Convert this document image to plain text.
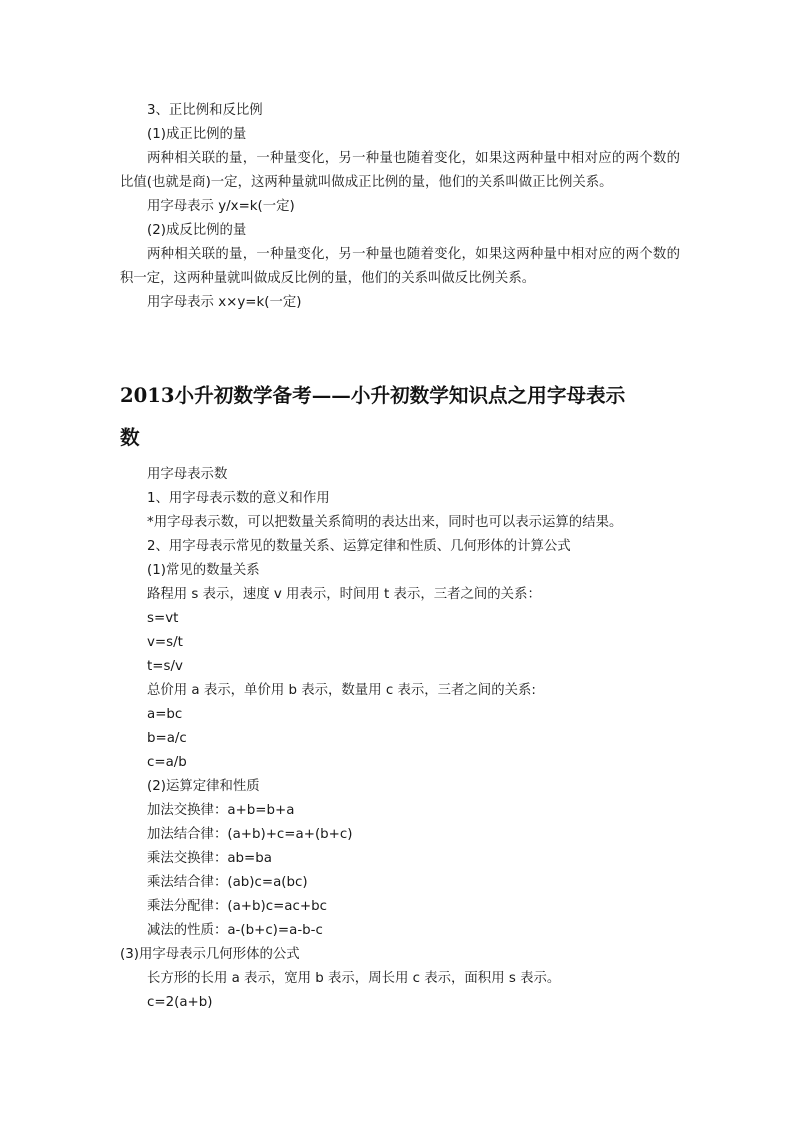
3、正比例和反比例

(1)成正比例的量

两种相关联的量，一种量变化，另一种量也随着变化，如果这两种量中相对应的两个数的比值(也就是商)一定，这两种量就叫做成正比例的量，他们的关系叫做正比例关系。

用字母表示 y/x=k(一定)

(2)成反比例的量

两种相关联的量，一种量变化，另一种量也随着变化，如果这两种量中相对应的两个数的积一定，这两种量就叫做成反比例的量，他们的关系叫做反比例关系。

用字母表示 x×y=k(一定)

2013小升初数学备考——小升初数学知识点之用字母表示
数

用字母表示数

1、用字母表示数的意义和作用

*用字母表示数，可以把数量关系简明的表达出来，同时也可以表示运算的结果。

2、用字母表示常见的数量关系、运算定律和性质、几何形体的计算公式

(1)常见的数量关系

路程用 s 表示，速度 v 用表示，时间用 t 表示，三者之间的关系：

s=vt

v=s/t

t=s/v

总价用 a 表示，单价用 b 表示，数量用 c 表示，三者之间的关系:

a=bc

b=a/c

c=a/b

(2)运算定律和性质

加法交换律：a+b=b+a

加法结合律：(a+b)+c=a+(b+c)

乘法交换律：ab=ba

乘法结合律：(ab)c=a(bc)

乘法分配律：(a+b)c=ac+bc

减法的性质：a-(b+c)=a-b-c

(3)用字母表示几何形体的公式

长方形的长用 a 表示，宽用 b 表示，周长用 c 表示，面积用 s 表示。

c=2(a+b)
